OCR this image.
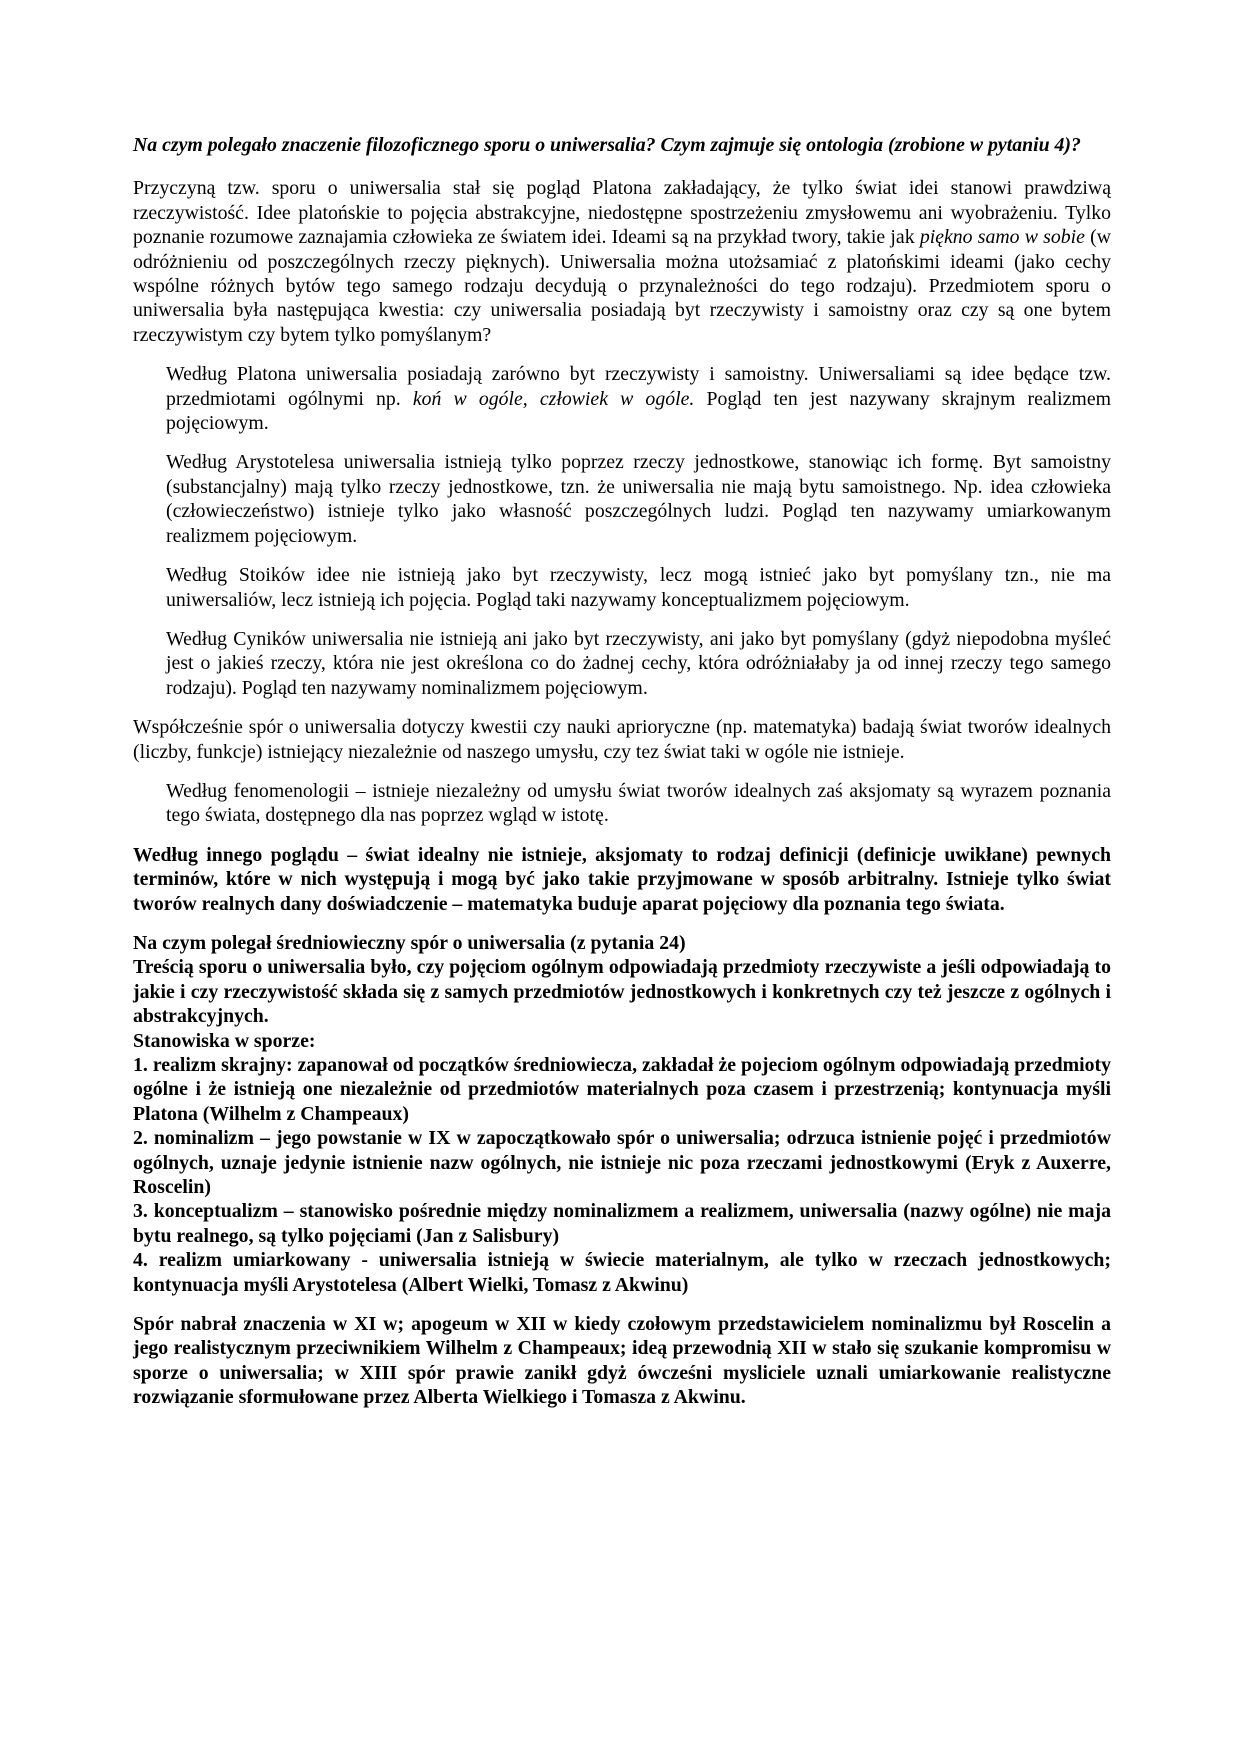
Na czym polegało znaczenie filozoficznego sporu o uniwersalia? Czym zajmuje się ontologia (zrobione w pytaniu 4)?

Przyczyną tzw. sporu o uniwersalia stał się pogląd Platona zakładający, że tylko świat idei stanowi prawdziwą rzeczywistość. Idee platońskie to pojęcia abstrakcyjne, niedostępne spostrzeżeniu zmysłowemu ani wyobrażeniu. Tylko poznanie rozumowe zaznajamia człowieka ze światem idei. Ideami są na przykład twory, takie jak piękno samo w sobie (w odróżnieniu od poszczególnych rzeczy pięknych). Uniwersalia można utożsamiać z platońskimi ideami (jako cechy wspólne różnych bytów tego samego rodzaju decydują o przynależności do tego rodzaju). Przedmiotem sporu o uniwersalia była następująca kwestia: czy uniwersalia posiadają byt rzeczywisty i samoistny oraz czy są one bytem rzeczywistym czy bytem tylko pomyślanym?

Według Platona uniwersalia posiadają zarówno byt rzeczywisty i samoistny. Uniwersaliami są idee będące tzw. przedmiotami ogólnymi np. koń w ogóle, człowiek w ogóle. Pogląd ten jest nazywany skrajnym realizmem pojęciowym.

Według Arystotelesa uniwersalia istnieją tylko poprzez rzeczy jednostkowe, stanowiąc ich formę. Byt samoistny (substancjalny) mają tylko rzeczy jednostkowe, tzn. że uniwersalia nie mają bytu samoistnego. Np. idea człowieka (człowieczeństwo) istnieje tylko jako własność poszczególnych ludzi. Pogląd ten nazywamy umiarkowanym realizmem pojęciowym.

Według Stoików idee nie istnieją jako byt rzeczywisty, lecz mogą istnieć jako byt pomyślany tzn., nie ma uniwersaliów, lecz istnieją ich pojęcia. Pogląd taki nazywamy konceptualizmem pojęciowym.

Według Cyników uniwersalia nie istnieją ani jako byt rzeczywisty, ani jako byt pomyślany (gdyż niepodobna myśleć jest o jakieś rzeczy, która nie jest określona co do żadnej cechy, która odróżniałaby ja od innej rzeczy tego samego rodzaju). Pogląd ten nazywamy nominalizmem pojęciowym.

Współcześnie spór o uniwersalia dotyczy kwestii czy nauki aprioryczne (np. matematyka) badają świat tworów idealnych (liczby, funkcje) istniejący niezależnie od naszego umysłu, czy tez świat taki w ogóle nie istnieje.

Według fenomenologii – istnieje niezależny od umysłu świat tworów idealnych zaś aksjomaty są wyrazem poznania tego świata, dostępnego dla nas poprzez wgląd w istotę.

Według innego poglądu – świat idealny nie istnieje, aksjomaty to rodzaj definicji (definicje uwikłane) pewnych terminów, które w nich występują i mogą być jako takie przyjmowane w sposób arbitralny. Istnieje tylko świat tworów realnych dany doświadczenie – matematyka buduje aparat pojęciowy dla poznania tego świata.

Na czym polegał średniowieczny spór o uniwersalia (z pytania 24)

Treścią sporu o uniwersalia było, czy pojęciom ogólnym odpowiadają przedmioty rzeczywiste a jeśli odpowiadają to jakie i czy rzeczywistość składa się z samych przedmiotów jednostkowych i konkretnych czy też jeszcze z ogólnych i abstrakcyjnych.

Stanowiska w sporze:

1. realizm skrajny: zapanował od początków średniowiecza, zakładał że pojeciom ogólnym odpowiadają przedmioty ogólne i że istnieją one niezależnie od przedmiotów materialnych poza czasem i przestrzenią; kontynuacja myśli Platona (Wilhelm z Champeaux)

2. nominalizm – jego powstanie w IX w zapoczątkowało spór o uniwersalia; odrzuca istnienie pojęć i przedmiotów ogólnych, uznaje jedynie istnienie nazw ogólnych, nie istnieje nic poza rzeczami jednostkowymi (Eryk z Auxerre, Roscelin)

3. konceptualizm – stanowisko pośrednie między nominalizmem a realizmem, uniwersalia (nazwy ogólne) nie maja bytu realnego, są tylko pojęciami (Jan z Salisbury)

4. realizm umiarkowany - uniwersalia istnieją w świecie materialnym, ale tylko w rzeczach jednostkowych; kontynuacja myśli Arystotelesa (Albert Wielki, Tomasz z Akwinu)

Spór nabrał znaczenia w XI w; apogeum w XII w kiedy czołowym przedstawicielem nominalizmu był Roscelin a jego realistycznym przeciwnikiem Wilhelm z Champeaux; ideą przewodnią XII w stało się szukanie kompromisu w sporze o uniwersalia; w XIII spór prawie zanikł gdyż ówcześni mysliciele uznali umiarkowanie realistyczne rozwiązanie sformułowane przez Alberta Wielkiego i Tomasza z Akwinu.
